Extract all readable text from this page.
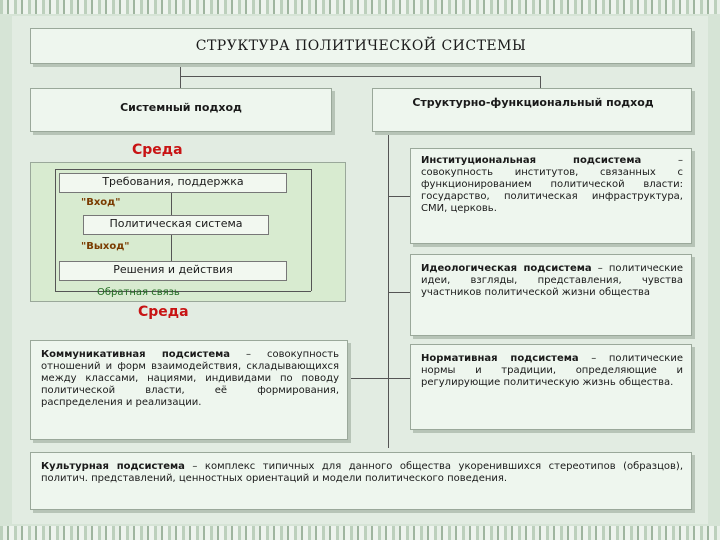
СТРУКТУРА ПОЛИТИЧЕСКОЙ СИСТЕМЫ
Системный подход	Структурно-функциональный подход
Среда
Требования, поддержка
"Вход"
Политическая система
"Выход"
Решения и действия
Обратная связь
Среда
Институциональная подсистема – совокупность институтов, связанных с функционированием политической власти: государство, политическая инфраструктура, СМИ, церковь.
Идеологическая подсистема – политические идеи, взгляды, представления, чувства участников политической жизни общества
Нормативная подсистема – политические нормы и традиции, определяющие и регулирующие политическую жизнь общества.
Коммуникативная подсистема – совокупность отношений и форм взаимодействия, складывающихся между классами, нациями, индивидами по поводу политической власти, её формирования, распределения и реализации.
Культурная подсистема – комплекс типичных для данного общества укоренившихся стереотипов (образцов), политич. представлений, ценностных ориентаций и модели политического поведения.
